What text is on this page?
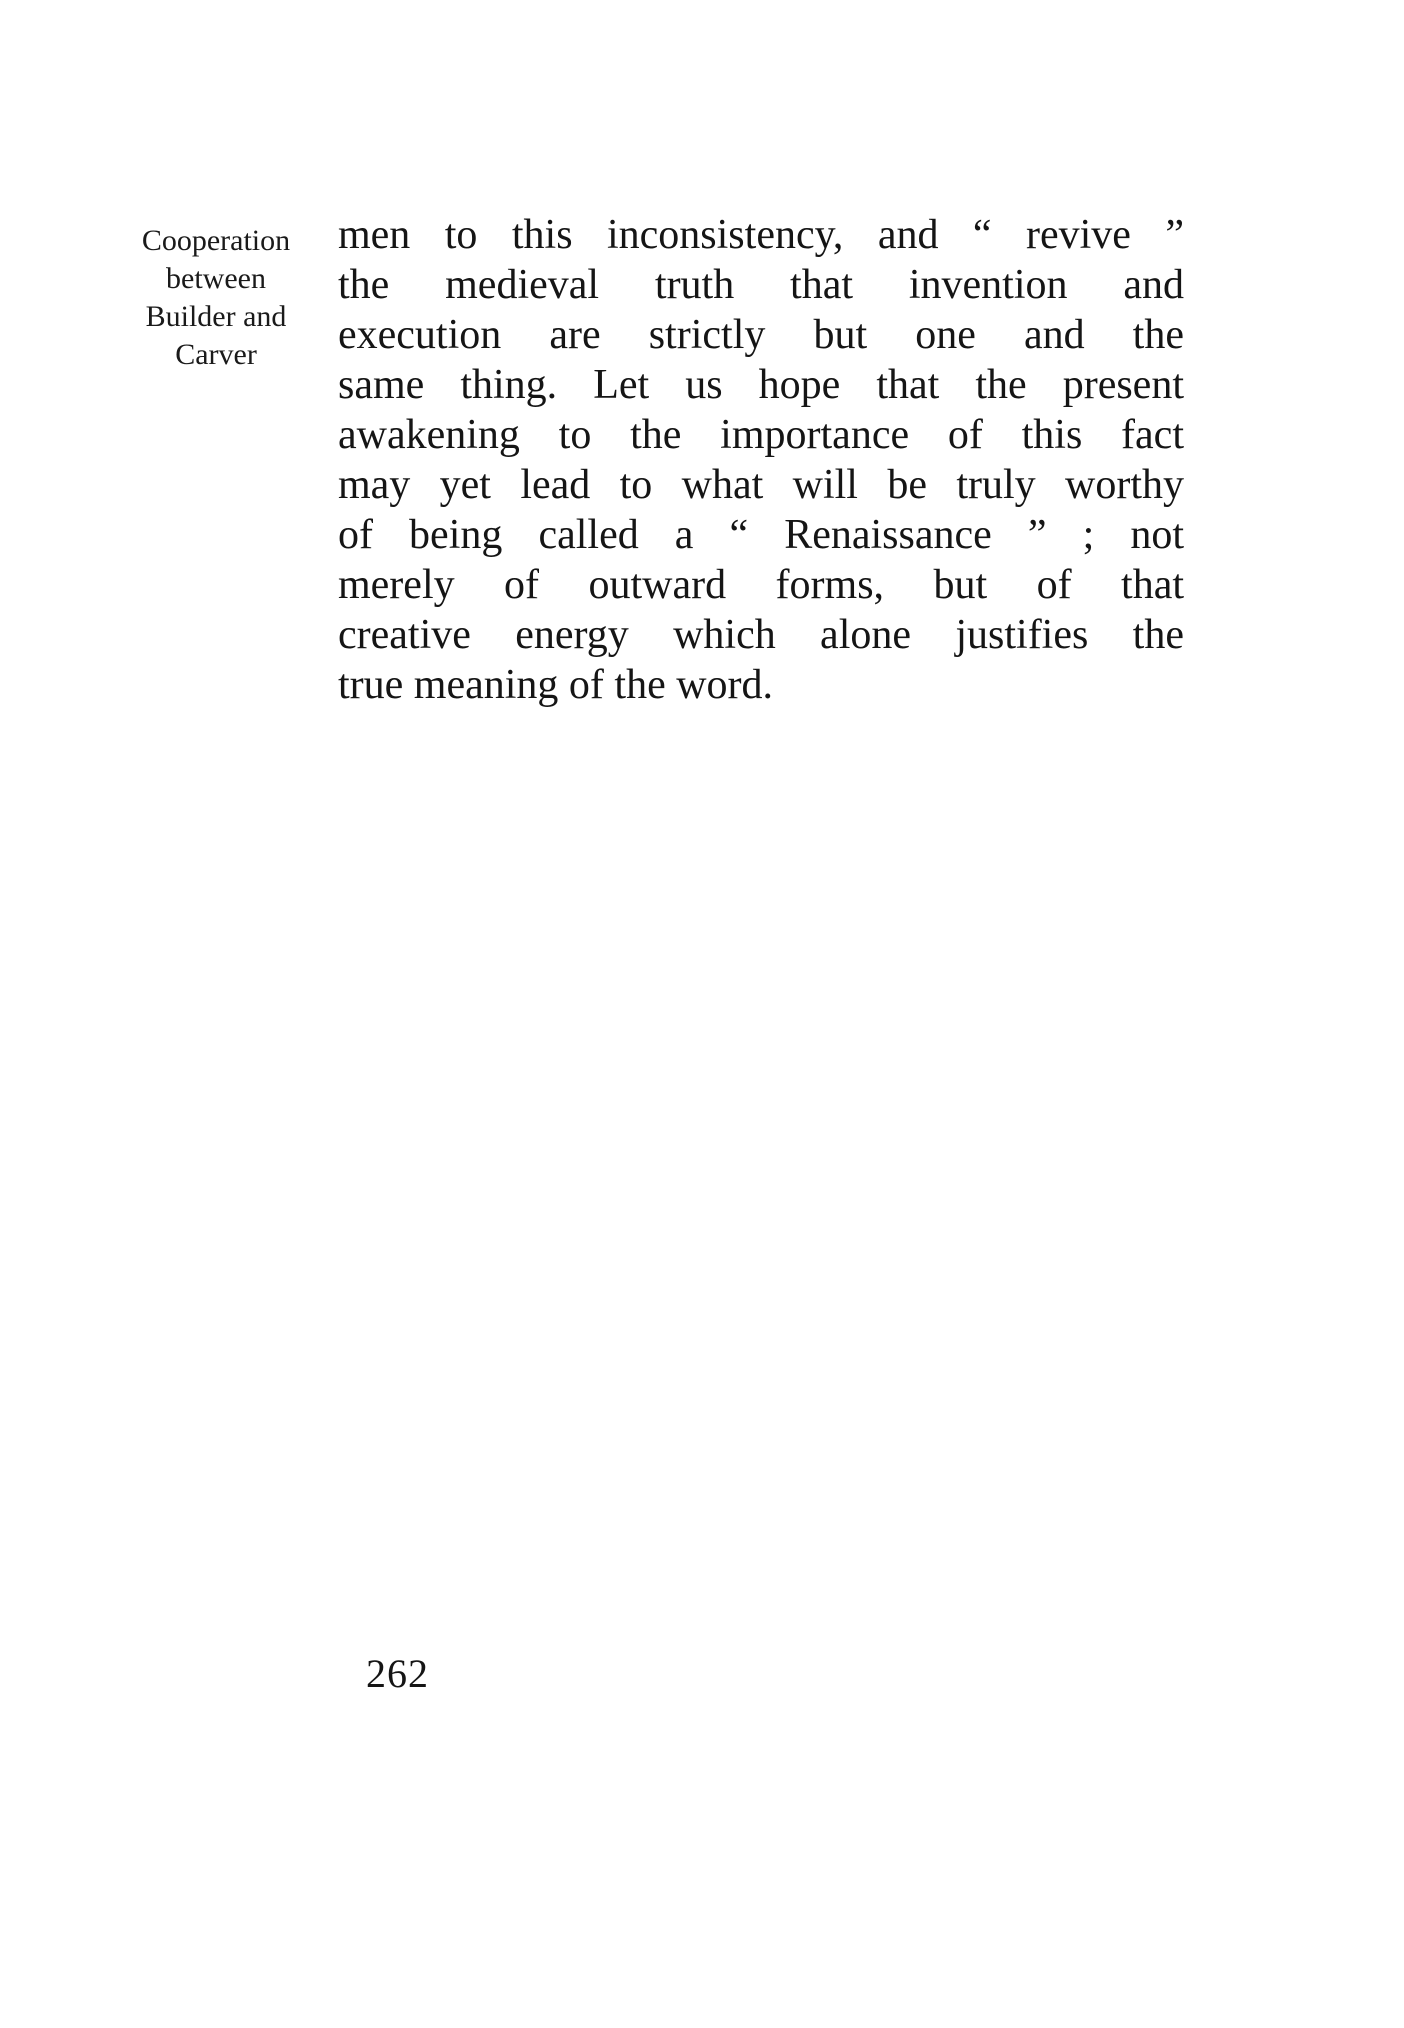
Cooperation
between
Builder and
Carver
men to this inconsistency, and “ revive ”
the medieval truth that invention and
execution are strictly but one and the
same thing. Let us hope that the present
awakening to the importance of this fact
may yet lead to what will be truly worthy
of being called a “ Renaissance ” ; not
merely of outward forms, but of that
creative energy which alone justifies the
true meaning of the word.
262
